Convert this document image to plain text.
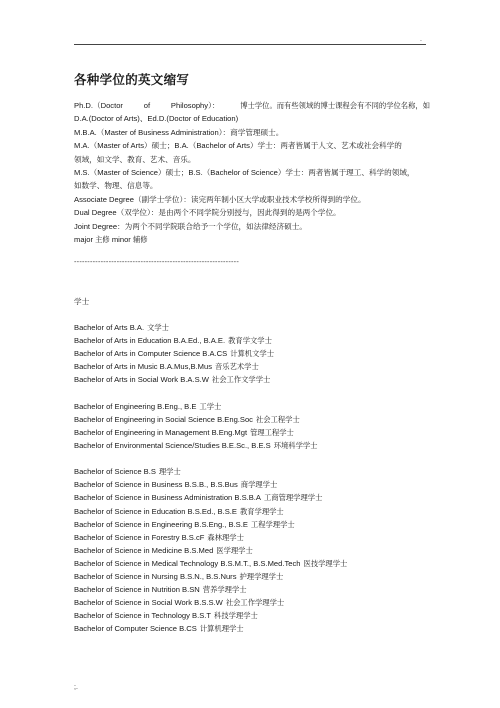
.
各种学位的英文缩写
Ph.D.（Doctor	of	Philosophy）：	博士学位。而有些领域的博士课程会有不同的学位名称，如
D.A.(Doctor of Arts)、Ed.D.(Doctor of Education)
M.B.A.（Master of Business Administration）：商学管理硕士。
M.A.（Master of Arts）硕士；B.A.（Bachelor of Arts）学士：两者皆属于人文、艺术或社会科学的
领域，如文学、教育、艺术、音乐。
M.S.（Master of Science）硕士；B.S.（Bachelor of Science）学士：两者皆属于理工、科学的领域，
如数学、物理、信息等。
Associate Degree（副学士学位）：读完两年制小区大学或职业技术学校所得到的学位。
Dual Degree（双学位）：是由两个不同学院分别授与，因此得到的是两个学位。
Joint Degree：为两个不同学院联合给予一个学位，如法律经济硕士。
major 主修 minor 辅修
--------------------------------------------------------------
学士
Bachelor of Arts B.A. 文学士
Bachelor of Arts in Education B.A.Ed., B.A.E. 教育学文学士
Bachelor of Arts in Computer Science B.A.CS 计算机文学士
Bachelor of Arts in Music B.A.Mus,B.Mus 音乐艺术学士
Bachelor of Arts in Social Work B.A.S.W 社会工作文学学士
Bachelor of Engineering B.Eng., B.E 工学士
Bachelor of Engineering in Social Science B.Eng.Soc 社会工程学士
Bachelor of Engineering in Management B.Eng.Mgt 管理工程学士
Bachelor of Environmental Science/Studies B.E.Sc., B.E.S 环境科学学士
Bachelor of Science B.S 理学士
Bachelor of Science in Business B.S.B., B.S.Bus 商学理学士
Bachelor of Science in Business Administration B.S.B.A 工商管理学理学士
Bachelor of Science in Education B.S.Ed., B.S.E 教育学理学士
Bachelor of Science in Engineering B.S.Eng., B.S.E 工程学理学士
Bachelor of Science in Forestry B.S.cF 森林理学士
Bachelor of Science in Medicine B.S.Med 医学理学士
Bachelor of Science in Medical Technology B.S.M.T., B.S.Med.Tech 医技学理学士
Bachelor of Science in Nursing B.S.N., B.S.Nurs 护理学理学士
Bachelor of Science in Nutrition B.SN 营养学理学士
Bachelor of Science in Social Work B.S.S.W 社会工作学理学士
Bachelor of Science in Technology B.S.T 科技学理学士
Bachelor of Computer Science B.CS 计算机理学士
;.
